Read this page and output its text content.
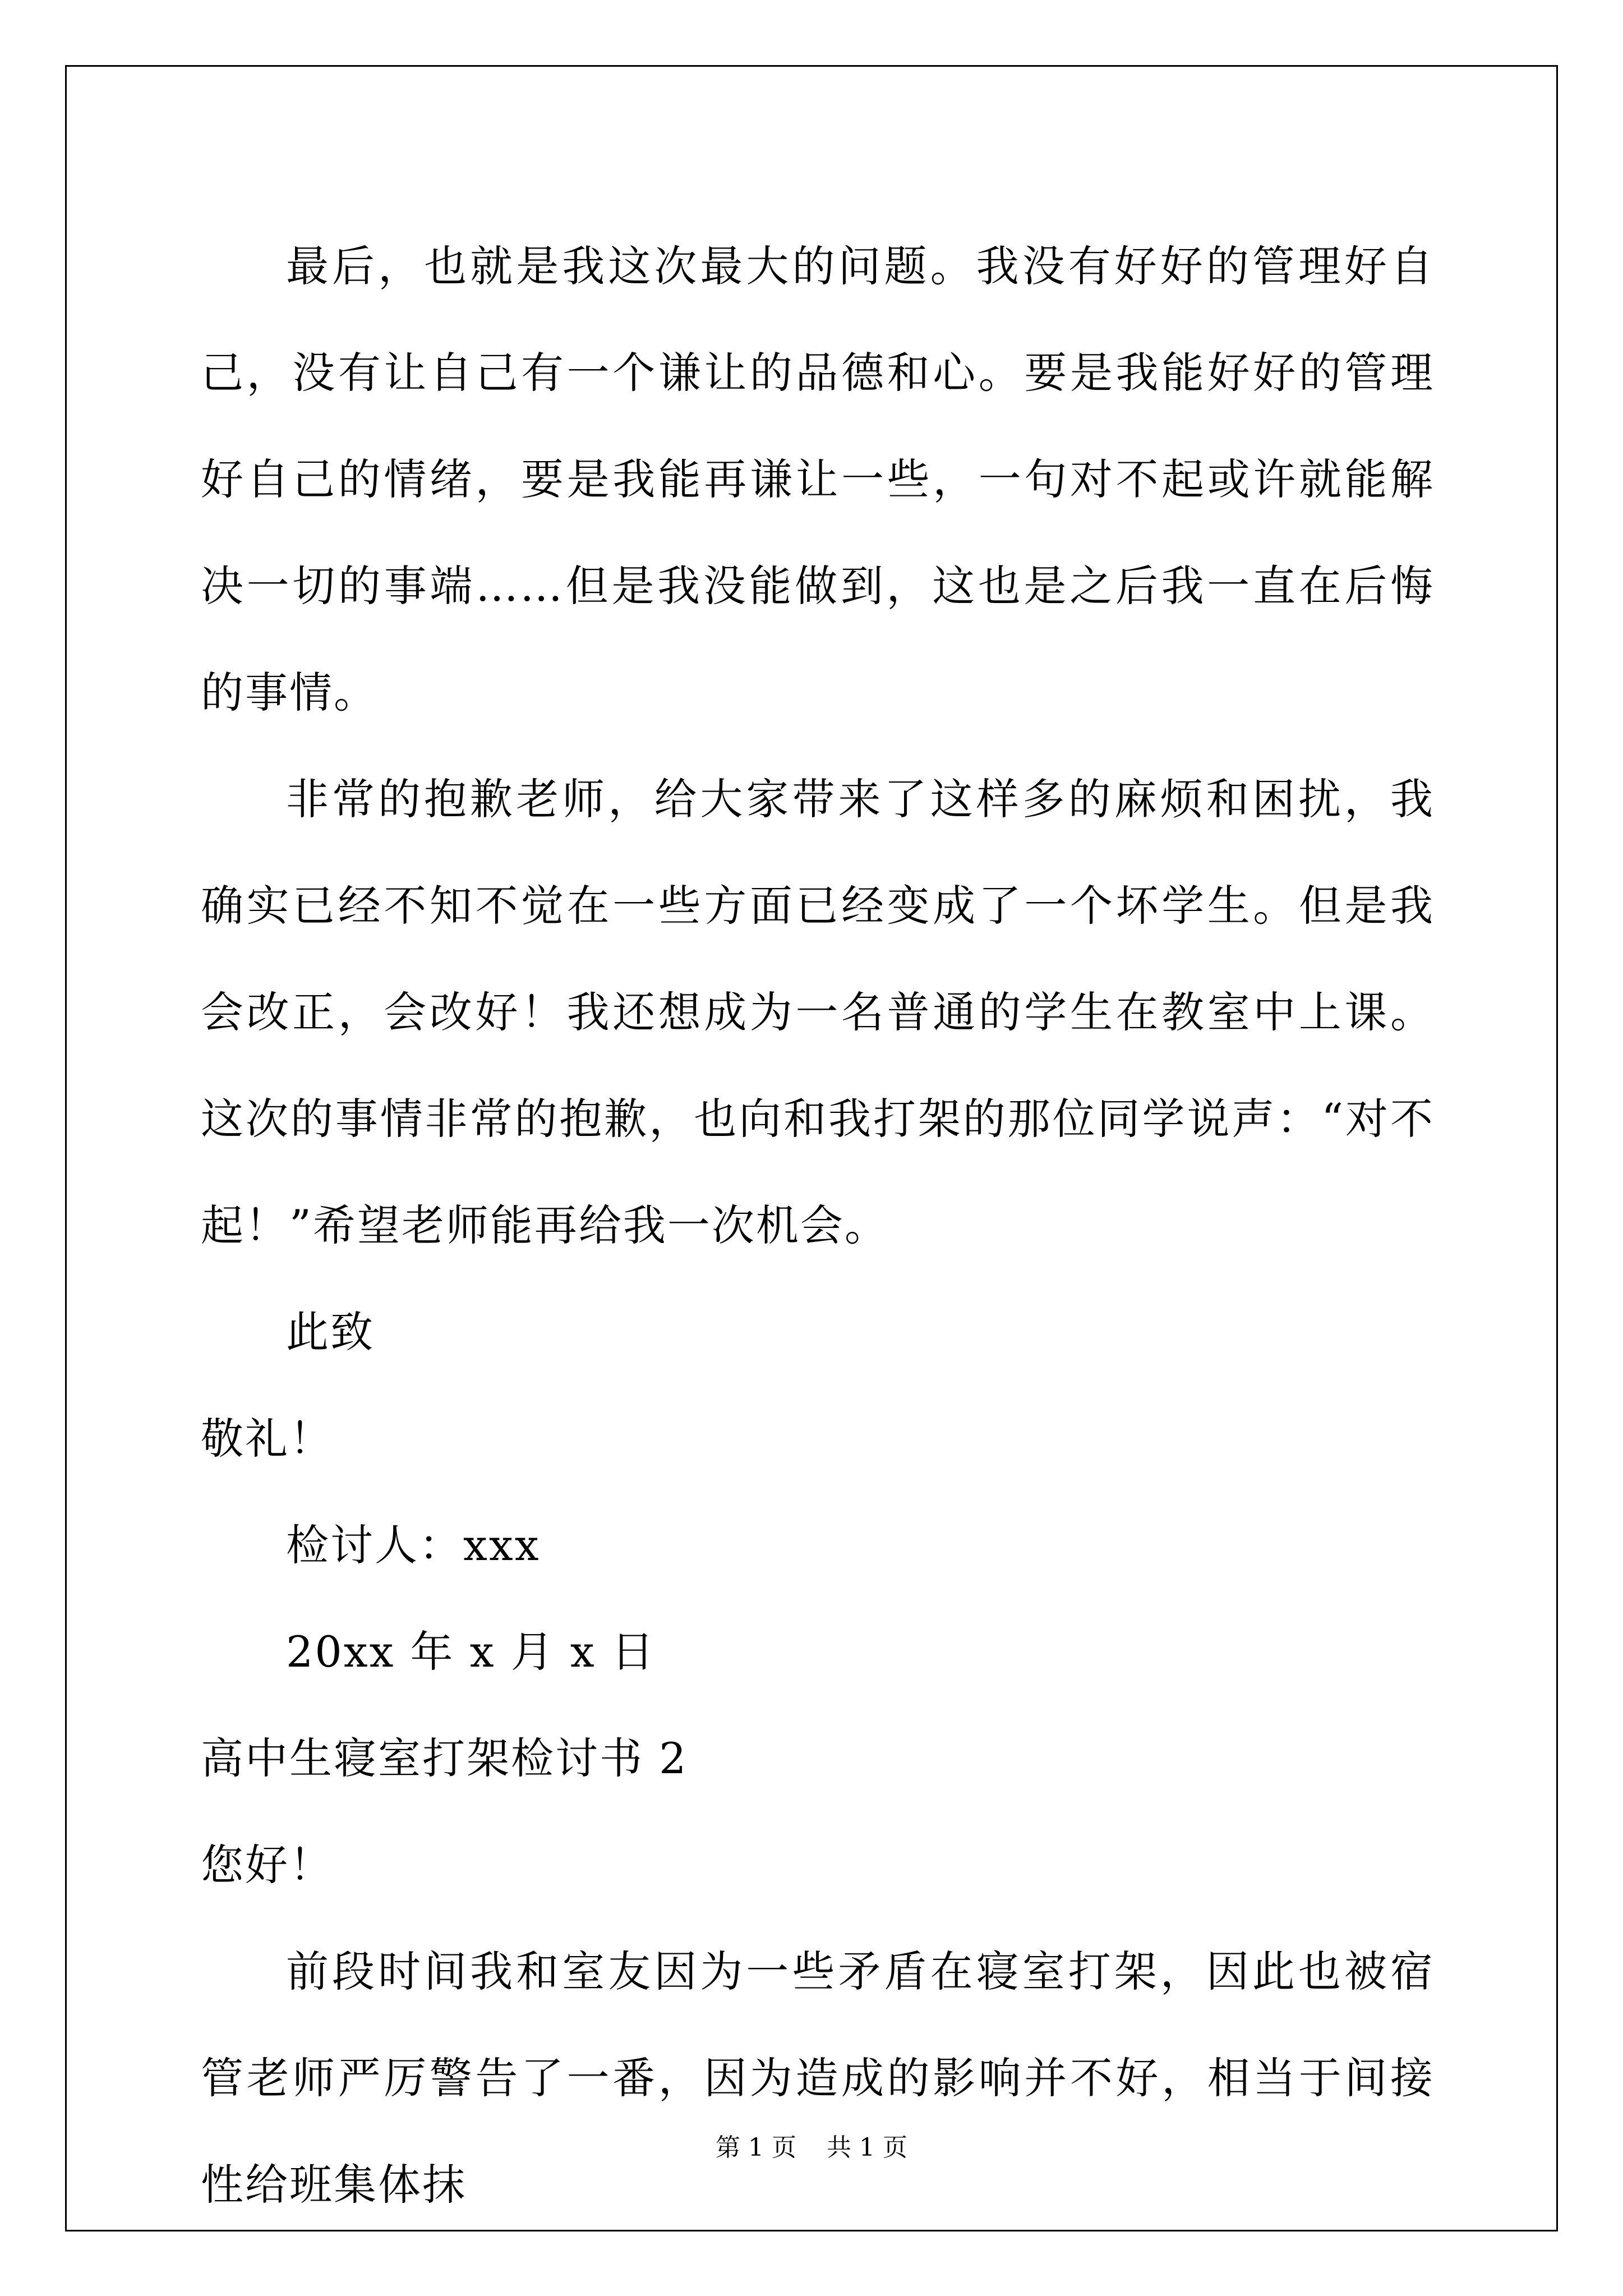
最后，也就是我这次最大的问题。我没有好好的管理好自己，没有让自己有一个谦让的品德和心。要是我能好好的管理好自己的情绪，要是我能再谦让一些，一句对不起或许就能解决一切的事端……但是我没能做到，这也是之后我一直在后悔的事情。

非常的抱歉老师，给大家带来了这样多的麻烦和困扰，我确实已经不知不觉在一些方面已经变成了一个坏学生。但是我会改正，会改好！我还想成为一名普通的学生在教室中上课。这次的事情非常的抱歉，也向和我打架的那位同学说声：“对不起！”希望老师能再给我一次机会。

此致

敬礼！

检讨人：xxx

20xx 年 x 月 x 日

高中生寝室打架检讨书 2

您好！

前段时间我和室友因为一些矛盾在寝室打架，因此也被宿管老师严厉警告了一番，因为造成的影响并不好，相当于间接性给班集体抹

第 1 页 共 1 页
